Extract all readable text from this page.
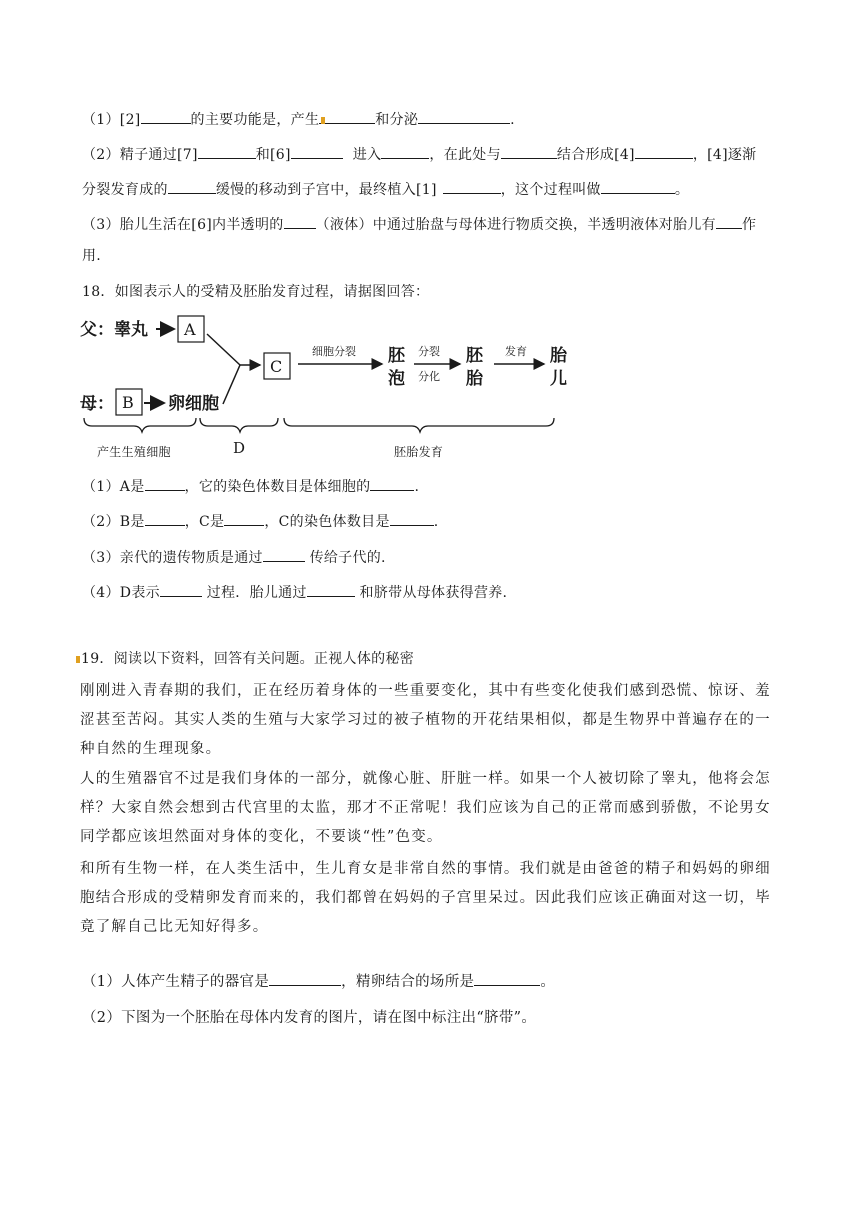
（1）[2]	的主要功能是，产生	和分泌	.
（2）精子通过[7]	和[6]	进入	，在此处与	结合形成[4]	，[4]逐渐
分裂发育成的	缓慢的移动到子宫中，最终植入[1]	，这个过程叫做	。
（3）胎儿生活在[6]内半透明的 （液体）中通过胎盘与母体进行物质交换，半透明液体对胎儿有 作
用.
18．如图表示人的受精及胚胎发育过程，请据图回答：
父：睾丸 A
母： B 卵细胞
C
细胞分裂 胚
泡
分裂
分化
胚
胎
发育 胎
儿
产生生殖细胞	D	胚胎发育
（1）A是	，它的染色体数目是体细胞的	.
（2）B是	，C是	，C的染色体数目是	.
（3）亲代的遗传物质是通过	传给子代的.
（4）D表示	过程．胎儿通过	和脐带从母体获得营养.
19．阅读以下资料，回答有关问题。正视人体的秘密
刚刚进入青春期的我们，正在经历着身体的一些重要变化，其中有些变化使我们感到恐慌、惊讶、羞涩甚至苦闷。其实人类的生殖与大家学习过的被子植物的开花结果相似，都是生物界中普遍存在的一种自然的生理现象。
人的生殖器官不过是我们身体的一部分，就像心脏、肝脏一样。如果一个人被切除了睾丸，他将会怎样？大家自然会想到古代宫里的太监，那才不正常呢！我们应该为自己的正常而感到骄傲，不论男女同学都应该坦然面对身体的变化，不要谈“性”色变。
和所有生物一样，在人类生活中，生儿育女是非常自然的事情。我们就是由爸爸的精子和妈妈的卵细胞结合形成的受精卵发育而来的，我们都曾在妈妈的子宫里呆过。因此我们应该正确面对这一切，毕竟了解自己比无知好得多。
（1）人体产生精子的器官是	，精卵结合的场所是	。
（2）下图为一个胚胎在母体内发育的图片，请在图中标注出“脐带”。
